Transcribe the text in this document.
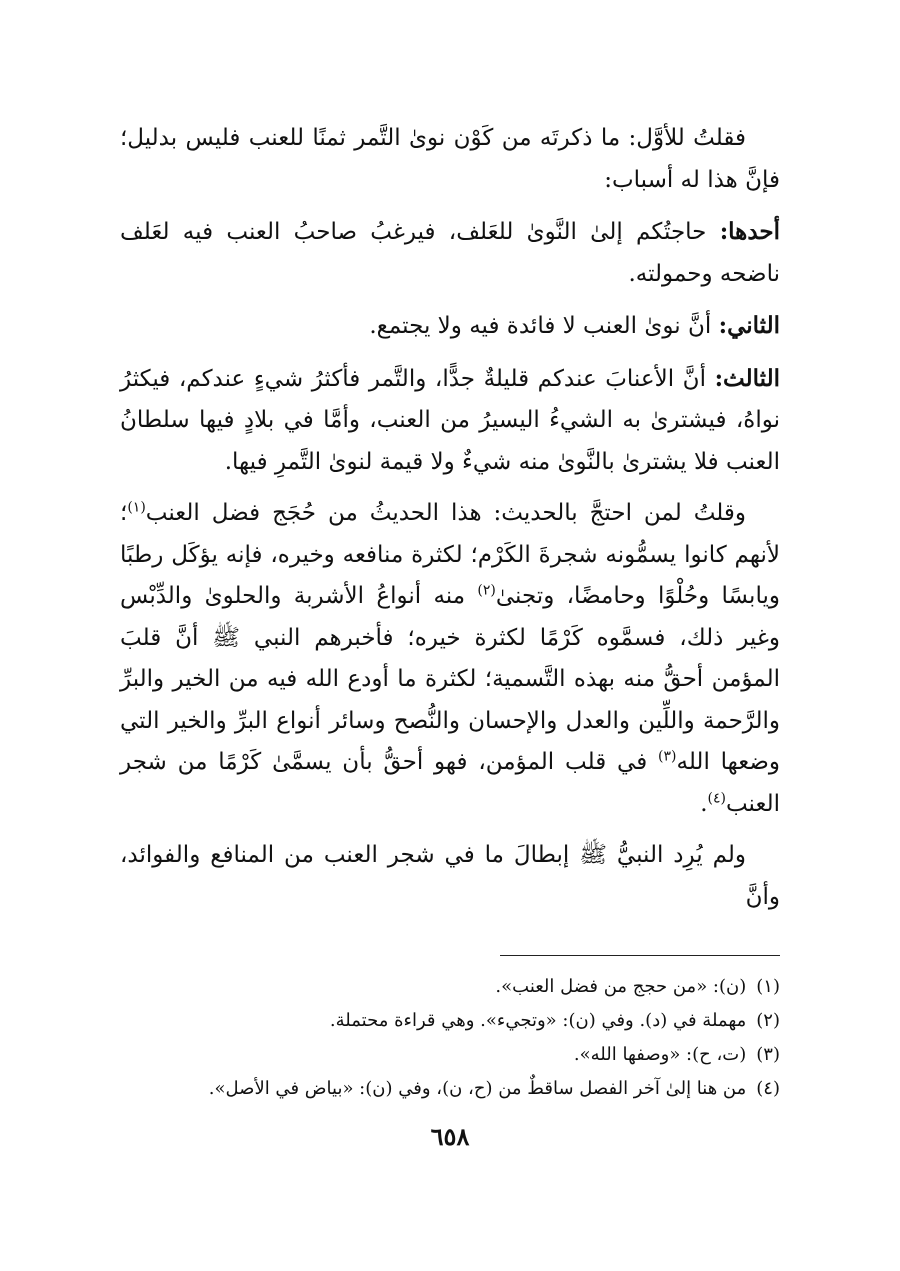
فقلتُ للأوَّل: ما ذكرتَه من كَوْن نوىٰ التَّمر ثمنًا للعنب فليس بدليل؛ فإنَّ هذا له أسباب:

أحدها: حاجتُكم إلىٰ النَّوىٰ للعَلف، فيرغبُ صاحبُ العنب فيه لعَلف ناضحه وحمولته.

الثاني: أنَّ نوىٰ العنب لا فائدة فيه ولا يجتمع.

الثالث: أنَّ الأعنابَ عندكم قليلةٌ جدًّا، والتَّمر فأكثرُ شيءٍ عندكم، فيكثرُ نواهُ، فيشترىٰ به الشيءُ اليسيرُ من العنب، وأمَّا في بلادٍ فيها سلطانُ العنب فلا يشترىٰ بالنَّوىٰ منه شيءٌ ولا قيمة لنوىٰ التَّمرِ فيها.

وقلتُ لمن احتجَّ بالحديث: هذا الحديثُ من حُجَج فضل العنب$^{(١)}$؛ لأنهم كانوا يسمُّونه شجرةَ الكَرْم؛ لكثرة منافعه وخيره، فإنه يؤكَل رطبًا ويابسًا وحُلْوًا وحامضًا، وتجنىٰ$^{(٢)}$ منه أنواعُ الأشربة والحلوىٰ والدِّبْس وغير ذلك، فسمَّوه كَرْمًا لكثرة خيره؛ فأخبرهم النبي ﷺ أنَّ قلبَ المؤمن أحقُّ منه بهذه التَّسمية؛ لكثرة ما أودع الله فيه من الخير والبرِّ والرَّحمة واللِّين والعدل والإحسان والنُّصح وسائر أنواع البرِّ والخير التي وضعها الله$^{(٣)}$ في قلب المؤمن، فهو أحقُّ بأن يسمَّىٰ كَرْمًا من شجر العنب$^{(٤)}$.

ولم يُرِد النبيُّ ﷺ إبطالَ ما في شجر العنب من المنافع والفوائد، وأنَّ

(١)(ن): «من حجج من فضل العنب».

(٢)مهملة في (د). وفي (ن): «وتجيء». وهي قراءة محتملة.

(٣)(ت، ح): «وصفها الله».

(٤)من هنا إلىٰ آخر الفصل ساقطٌ من (ح، ن)، وفي (ن): «بياض في الأصل».

٦٥٨
